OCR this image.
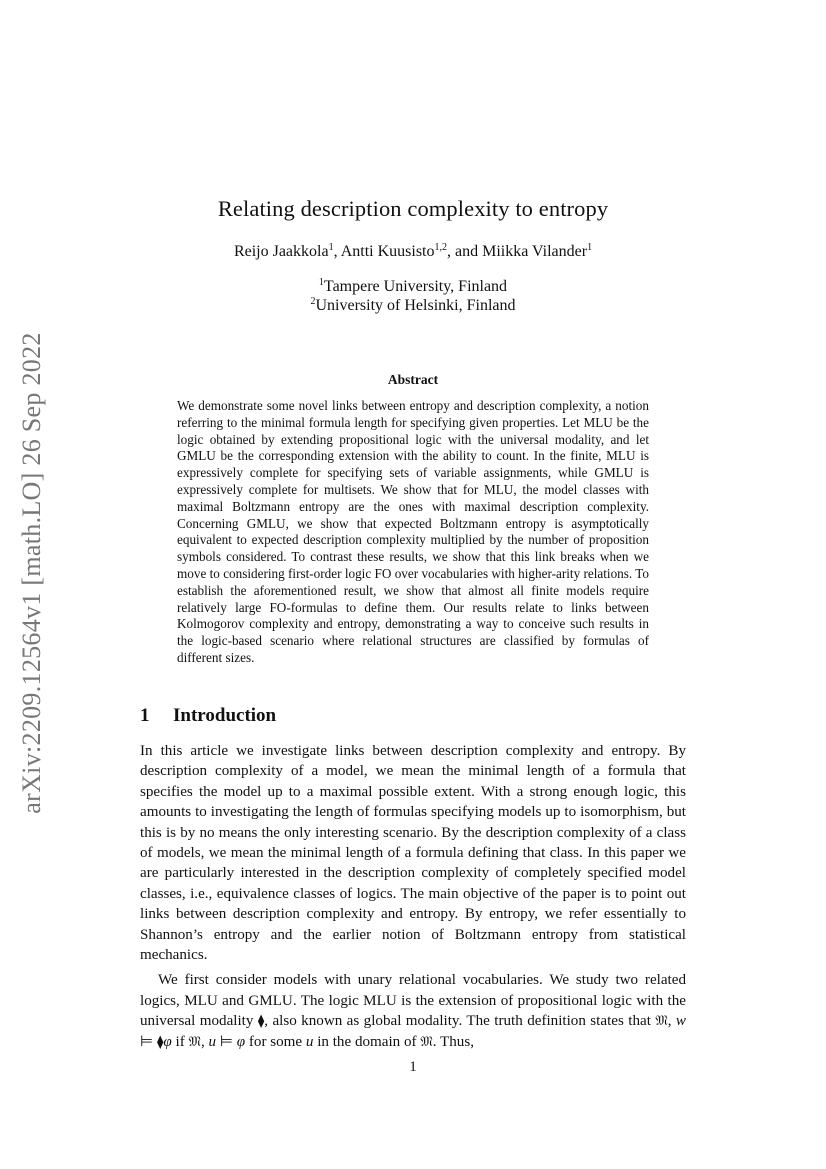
arXiv:2209.12564v1 [math.LO] 26 Sep 2022
Relating description complexity to entropy
Reijo Jaakkola$^1$, Antti Kuusisto$^{1,2}$, and Miikka Vilander$^1$
$^1$Tampere University, Finland
$^2$University of Helsinki, Finland
Abstract

We demonstrate some novel links between entropy and description complexity, a notion referring to the minimal formula length for specifying given properties. Let MLU be the logic obtained by extending propositional logic with the universal modality, and let GMLU be the corresponding extension with the ability to count. In the finite, MLU is expressively complete for specifying sets of variable assignments, while GMLU is expressively complete for multisets. We show that for MLU, the model classes with maximal Boltzmann entropy are the ones with maximal description complexity. Concerning GMLU, we show that expected Boltzmann entropy is asymptotically equivalent to expected description complexity multiplied by the number of proposition symbols considered. To contrast these results, we show that this link breaks when we move to considering first-order logic FO over vocabularies with higher-arity relations. To establish the aforementioned result, we show that almost all finite models require relatively large FO-formulas to define them. Our results relate to links between Kolmogorov complexity and entropy, demonstrating a way to conceive such results in the logic-based scenario where relational structures are classified by formulas of different sizes.

1 Introduction

In this article we investigate links between description complexity and entropy. By description complexity of a model, we mean the minimal length of a formula that specifies the model up to a maximal possible extent. With a strong enough logic, this amounts to investigating the length of formulas specifying models up to isomorphism, but this is by no means the only interesting scenario. By the description complexity of a class of models, we mean the minimal length of a formula defining that class. In this paper we are particularly interested in the description complexity of completely specified model classes, i.e., equivalence classes of logics. The main objective of the paper is to point out links between description complexity and entropy. By entropy, we refer essentially to Shannon’s entropy and the earlier notion of Boltzmann entropy from statistical mechanics.

We first consider models with unary relational vocabularies. We study two related logics, MLU and GMLU. The logic MLU is the extension of propositional logic with the universal modality ⧫, also known as global modality. The truth definition states that 𝔐, w ⊨ ⧫φ if 𝔐, u ⊨ φ for some u in the domain of 𝔐. Thus,

1
